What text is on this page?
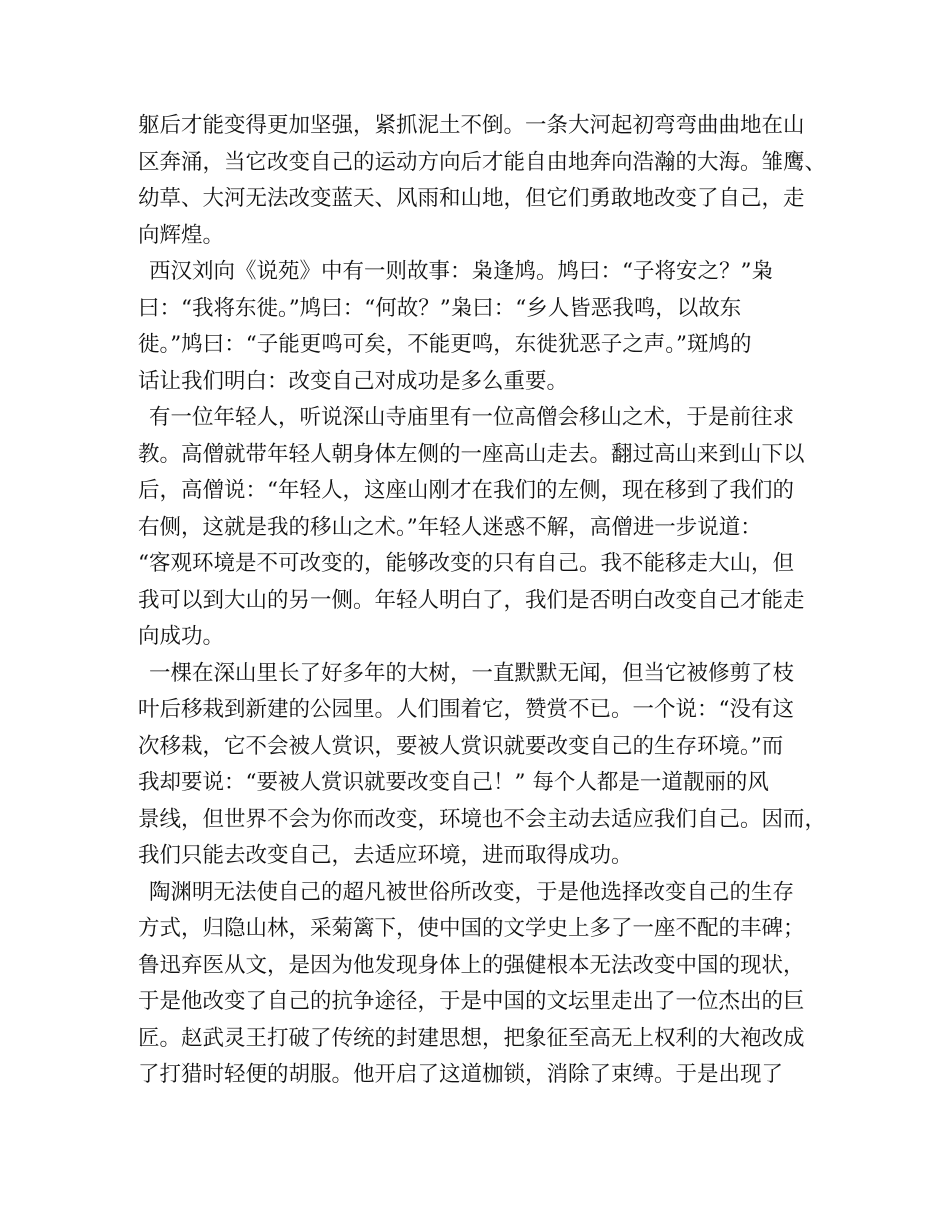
躯后才能变得更加坚强，紧抓泥土不倒。一条大河起初弯弯曲曲地在山
区奔涌，当它改变自己的运动方向后才能自由地奔向浩瀚的大海。雏鹰、
幼草、大河无法改变蓝天、风雨和山地，但它们勇敢地改变了自己，走
向辉煌。
西汉刘向《说苑》中有一则故事：枭逢鸠。鸠曰：“子将安之？”枭
曰：“我将东徙。”鸠曰：“何故？”枭曰：“乡人皆恶我鸣，以故东
徙。”鸠曰：“子能更鸣可矣，不能更鸣，东徙犹恶子之声。”斑鸠的
话让我们明白：改变自己对成功是多么重要。
有一位年轻人，听说深山寺庙里有一位高僧会移山之术，于是前往求
教。高僧就带年轻人朝身体左侧的一座高山走去。翻过高山来到山下以
后，高僧说：“年轻人，这座山刚才在我们的左侧，现在移到了我们的
右侧，这就是我的移山之术。”年轻人迷惑不解，高僧进一步说道：
“客观环境是不可改变的，能够改变的只有自己。我不能移走大山，但
我可以到大山的另一侧。年轻人明白了，我们是否明白改变自己才能走
向成功。
一棵在深山里长了好多年的大树，一直默默无闻，但当它被修剪了枝
叶后移栽到新建的公园里。人们围着它，赞赏不已。一个说：“没有这
次移栽，它不会被人赏识，要被人赏识就要改变自己的生存环境。”而
我却要说：“要被人赏识就要改变自己！” 每个人都是一道靓丽的风
景线，但世界不会为你而改变，环境也不会主动去适应我们自己。因而，
我们只能去改变自己，去适应环境，进而取得成功。
陶渊明无法使自己的超凡被世俗所改变，于是他选择改变自己的生存
方式，归隐山林，采菊篱下，使中国的文学史上多了一座不配的丰碑；
鲁迅弃医从文，是因为他发现身体上的强健根本无法改变中国的现状，
于是他改变了自己的抗争途径，于是中国的文坛里走出了一位杰出的巨
匠。赵武灵王打破了传统的封建思想，把象征至高无上权利的大袍改成
了打猎时轻便的胡服。他开启了这道枷锁，消除了束缚。于是出现了
